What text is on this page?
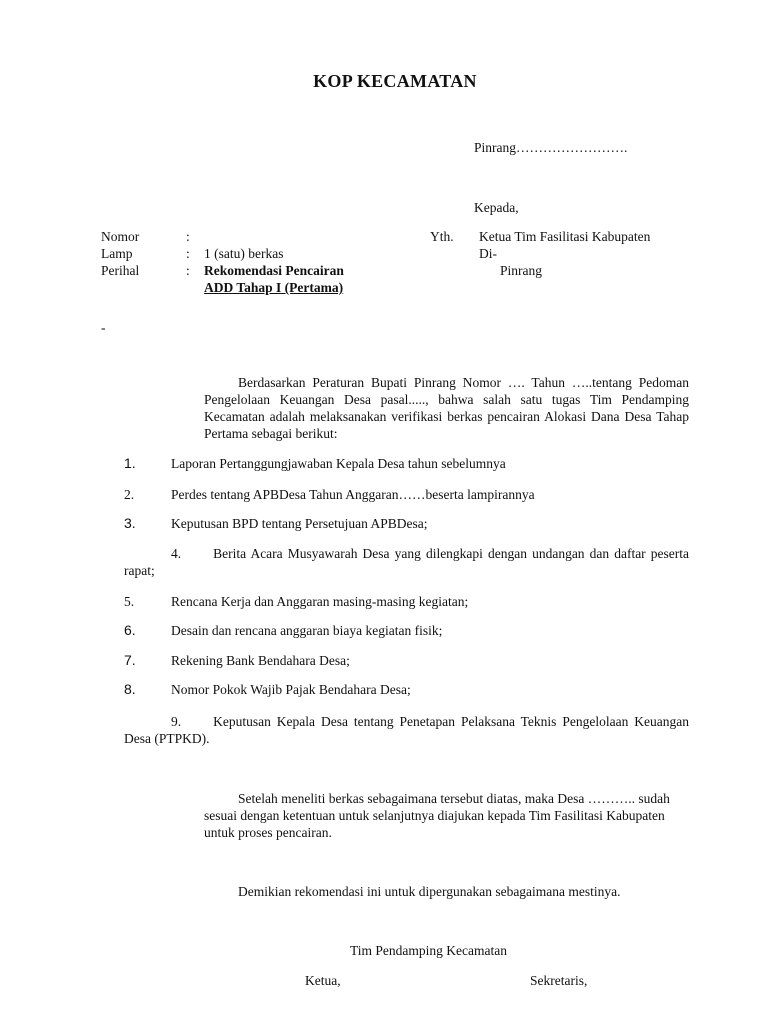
KOP KECAMATAN
Pinrang…………………….
Kepada,
Nomor	:
Lamp	: 1 (satu) berkas
Perihal	: Rekomendasi Pencairan
ADD Tahap I (Pertama)
Yth. Ketua Tim Fasilitasi Kabupaten
Di-
Pinrang
-
Berdasarkan Peraturan Bupati Pinrang Nomor …. Tahun …..tentang Pedoman Pengelolaan Keuangan Desa pasal....., bahwa salah satu tugas Tim Pendamping Kecamatan adalah melaksanakan verifikasi berkas pencairan Alokasi Dana Desa Tahap Pertama sebagai berikut:
1.	Laporan Pertanggungjawaban Kepala Desa tahun sebelumnya
2.	Perdes tentang APBDesa Tahun Anggaran……beserta lampirannya
3.	Keputusan BPD tentang Persetujuan APBDesa;
4. Berita Acara Musyawarah Desa yang dilengkapi dengan undangan dan daftar peserta rapat;
5.	Rencana Kerja dan Anggaran masing-masing kegiatan;
6.	Desain dan rencana anggaran biaya kegiatan fisik;
7.	Rekening Bank Bendahara Desa;
8.	Nomor Pokok Wajib Pajak Bendahara Desa;
9. Keputusan Kepala Desa tentang Penetapan Pelaksana Teknis Pengelolaan Keuangan Desa (PTPKD).
Setelah meneliti berkas sebagaimana tersebut diatas, maka Desa ……….. sudah sesuai dengan ketentuan untuk selanjutnya diajukan kepada Tim Fasilitasi Kabupaten untuk proses pencairan.
Demikian rekomendasi ini untuk dipergunakan sebagaimana mestinya.
Tim Pendamping Kecamatan
Ketua,	Sekretaris,
